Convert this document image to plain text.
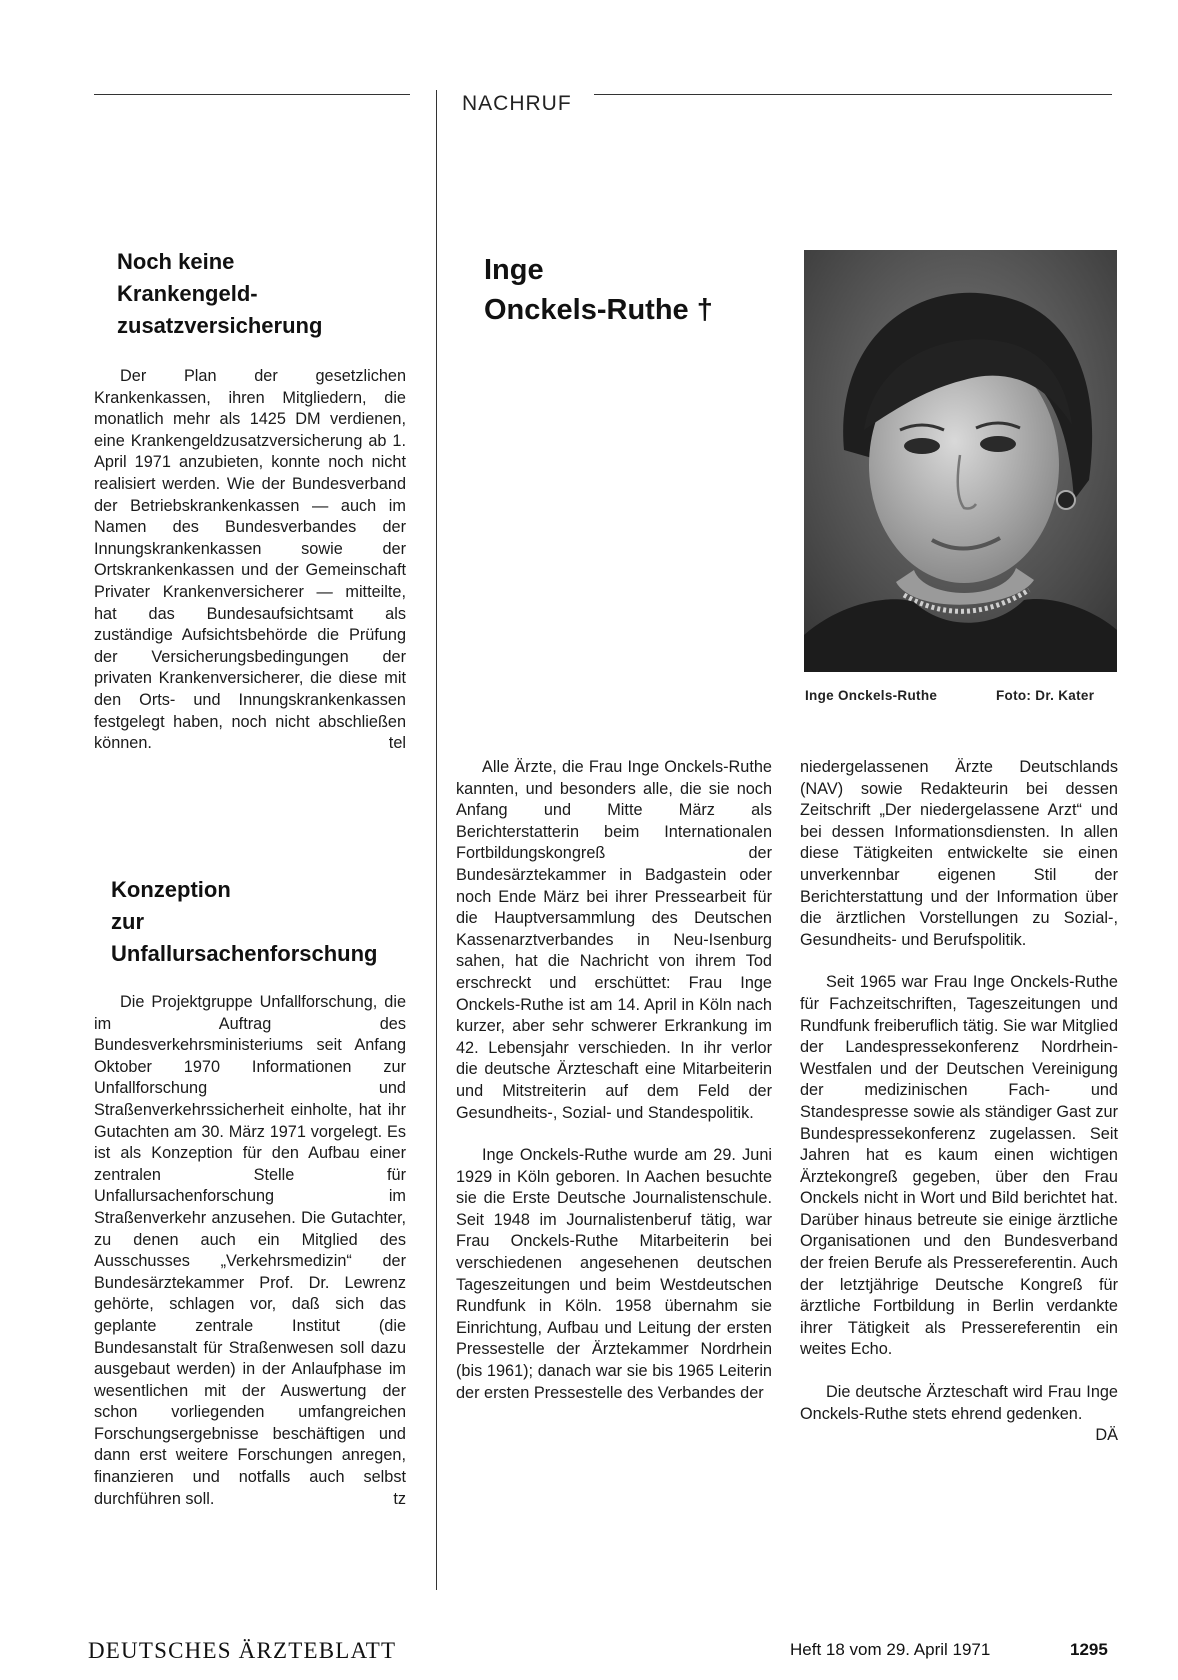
NACHRUF
Noch keine
Krankengeld-
zusatzversicherung

Der Plan der gesetzlichen Krankenkassen, ihren Mitgliedern, die monatlich mehr als 1425 DM verdienen, eine Krankengeldzusatzversicherung ab 1. April 1971 anzubieten, konnte noch nicht realisiert werden. Wie der Bundesverband der Betriebskrankenkassen — auch im Namen des Bundesverbandes der Innungskrankenkassen sowie der Ortskrankenkassen und der Gemeinschaft Privater Krankenversicherer — mitteilte, hat das Bundesaufsichtsamt als zuständige Aufsichtsbehörde die Prüfung der Versicherungsbedingungen der privaten Krankenversicherer, die diese mit den Orts- und Innungskrankenkassen festgelegt haben, noch nicht abschließen können.	tel

Konzeption
zur
Unfallursachenforschung

Die Projektgruppe Unfallforschung, die im Auftrag des Bundesverkehrsministeriums seit Anfang Oktober 1970 Informationen zur Unfallforschung und Straßenverkehrssicherheit einholte, hat ihr Gutachten am 30. März 1971 vorgelegt. Es ist als Konzeption für den Aufbau einer zentralen Stelle für Unfallursachenforschung im Straßenverkehr anzusehen. Die Gutachter, zu denen auch ein Mitglied des Ausschusses „Verkehrsmedizin“ der Bundesärztekammer Prof. Dr. Lewrenz gehörte, schlagen vor, daß sich das geplante zentrale Institut (die Bundesanstalt für Straßenwesen soll dazu ausgebaut werden) in der Anlaufphase im wesentlichen mit der Auswertung der schon vorliegenden umfangreichen Forschungsergebnisse beschäftigen und dann erst weitere Forschungen anregen, finanzieren und notfalls auch selbst durchführen soll.	tz

Inge
Onckels-Ruthe †
Inge Onckels-Ruthe	Foto: Dr. Kater

Alle Ärzte, die Frau Inge Onckels-Ruthe kannten, und besonders alle, die sie noch Anfang und Mitte März als Berichterstatterin beim Internationalen Fortbildungskongreß der Bundesärztekammer in Badgastein oder noch Ende März bei ihrer Pressearbeit für die Hauptversammlung des Deutschen Kassenarztverbandes in Neu-Isenburg sahen, hat die Nachricht von ihrem Tod erschreckt und erschüttet: Frau Inge Onckels-Ruthe ist am 14. April in Köln nach kurzer, aber sehr schwerer Erkrankung im 42. Lebensjahr verschieden. In ihr verlor die deutsche Ärzteschaft eine Mitarbeiterin und Mitstreiterin auf dem Feld der Gesundheits-, Sozial- und Standespolitik.

Inge Onckels-Ruthe wurde am 29. Juni 1929 in Köln geboren. In Aachen besuchte sie die Erste Deutsche Journalistenschule. Seit 1948 im Journalistenberuf tätig, war Frau Onckels-Ruthe Mitarbeiterin bei verschiedenen angesehenen deutschen Tageszeitungen und beim Westdeutschen Rundfunk in Köln. 1958 übernahm sie Einrichtung, Aufbau und Leitung der ersten Pressestelle der Ärztekammer Nordrhein (bis 1961); danach war sie bis 1965 Leiterin der ersten Pressestelle des Verbandes der

niedergelassenen Ärzte Deutschlands (NAV) sowie Redakteurin bei dessen Zeitschrift „Der niedergelassene Arzt“ und bei dessen Informationsdiensten. In allen diese Tätigkeiten entwickelte sie einen unverkennbar eigenen Stil der Berichterstattung und der Information über die ärztlichen Vorstellungen zu Sozial-, Gesundheits- und Berufspolitik.

Seit 1965 war Frau Inge Onckels-Ruthe für Fachzeitschriften, Tageszeitungen und Rundfunk freiberuflich tätig. Sie war Mitglied der Landespressekonferenz Nordrhein-Westfalen und der Deutschen Vereinigung der medizinischen Fach- und Standespresse sowie als ständiger Gast zur Bundespressekonferenz zugelassen. Seit Jahren hat es kaum einen wichtigen Ärztekongreß gegeben, über den Frau Onckels nicht in Wort und Bild berichtet hat. Darüber hinaus betreute sie einige ärztliche Organisationen und den Bundesverband der freien Berufe als Pressereferentin. Auch der letztjährige Deutsche Kongreß für ärztliche Fortbildung in Berlin verdankte ihrer Tätigkeit als Pressereferentin ein weites Echo.

Die deutsche Ärzteschaft wird Frau Inge Onckels-Ruthe stets ehrend gedenken.
DÄ

DEUTSCHES ÄRZTEBLATT	Heft 18 vom 29. April 1971	1295
